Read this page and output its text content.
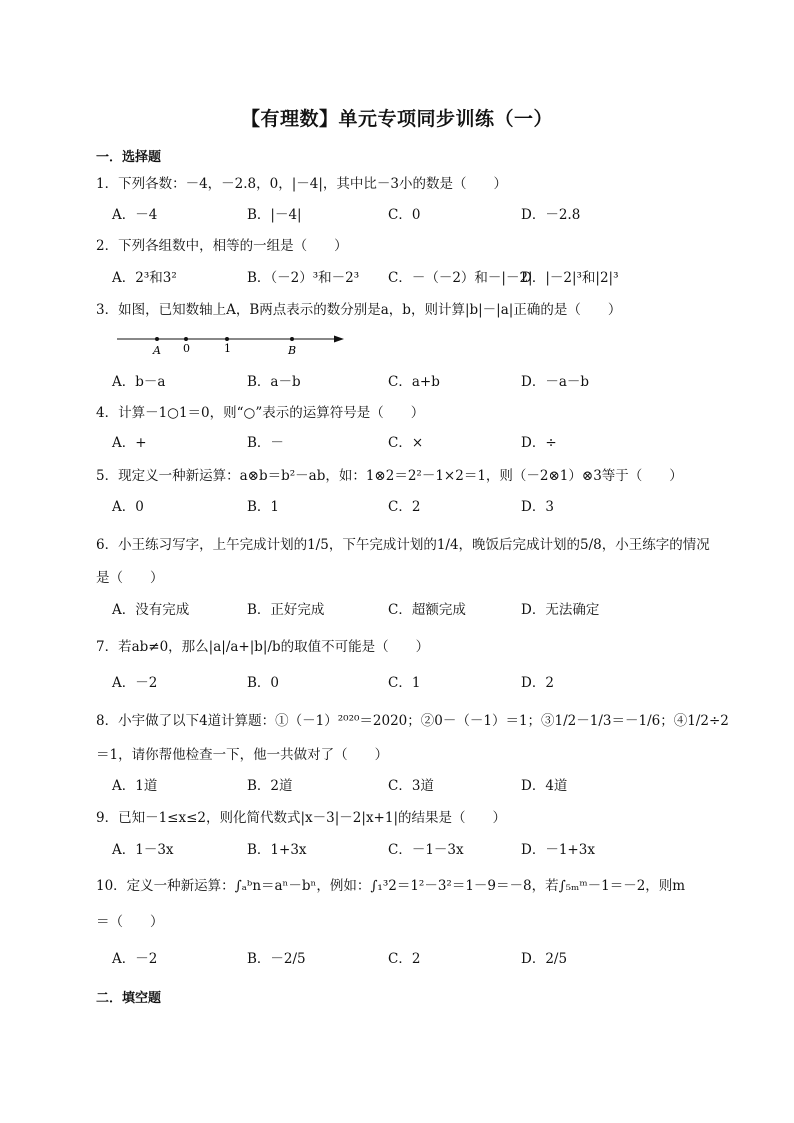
【有理数】单元专项同步训练（一）
一．选择题
1．下列各数：－4，－2.8，0，|－4|，其中比－3小的数是（　　）
A．－4	B．|－4|	C．0	D．－2.8
2．下列各组数中，相等的一组是（　　）
A．2³和3²	B．（－2）³和－2³ C．－（－2）和－|－2|
D．|－2|³和|2|³
3．如图，已知数轴上A，B两点表示的数分别是a，b，则计算|b|－|a|正确的是（　　）
A 0	1	B
A．b－a	B．a－b	C．a+b	D．－a－b
4．计算－1○1＝0，则“○”表示的运算符号是（　　）
A．+	B．－	C．×	D．÷
5．现定义一种新运算：a⊗b＝b²－ab，如：1⊗2＝2²－1×2＝1，则（－2⊗1）⊗3等于（　　）
A．0	B．1	C．2	D．3
6．小王练习写字，上午完成计划的1/5，下午完成计划的1/4，晚饭后完成计划的5/8，小王练字的情况
是（　　）
A．没有完成	B．正好完成	C．超额完成	D．无法确定
7．若ab≠0，那么|a|/a+|b|/b的取值不可能是（　　）
A．－2	B．0	C．1	D．2
8．小宇做了以下4道计算题：①（－1）²⁰²⁰＝2020；②0－（－1）＝1；③1/2－1/3＝－1/6；④1/2÷2
＝1，请你帮他检查一下，他一共做对了（　　）
A．1道	B．2道	C．3道	D．4道
9．已知－1≤x≤2，则化简代数式|x－3|－2|x+1|的结果是（　　）
A．1－3x	B．1+3x	C．－1－3x	D．－1+3x
10．定义一种新运算：∫ₐᵇn＝aⁿ－bⁿ，例如：∫₁³2＝1²－3²＝1－9＝－8，若∫₅ₘᵐ－1＝－2，则m
＝（　　）
A．－2	B．－2/5	C．2	D．2/5
二．填空题
